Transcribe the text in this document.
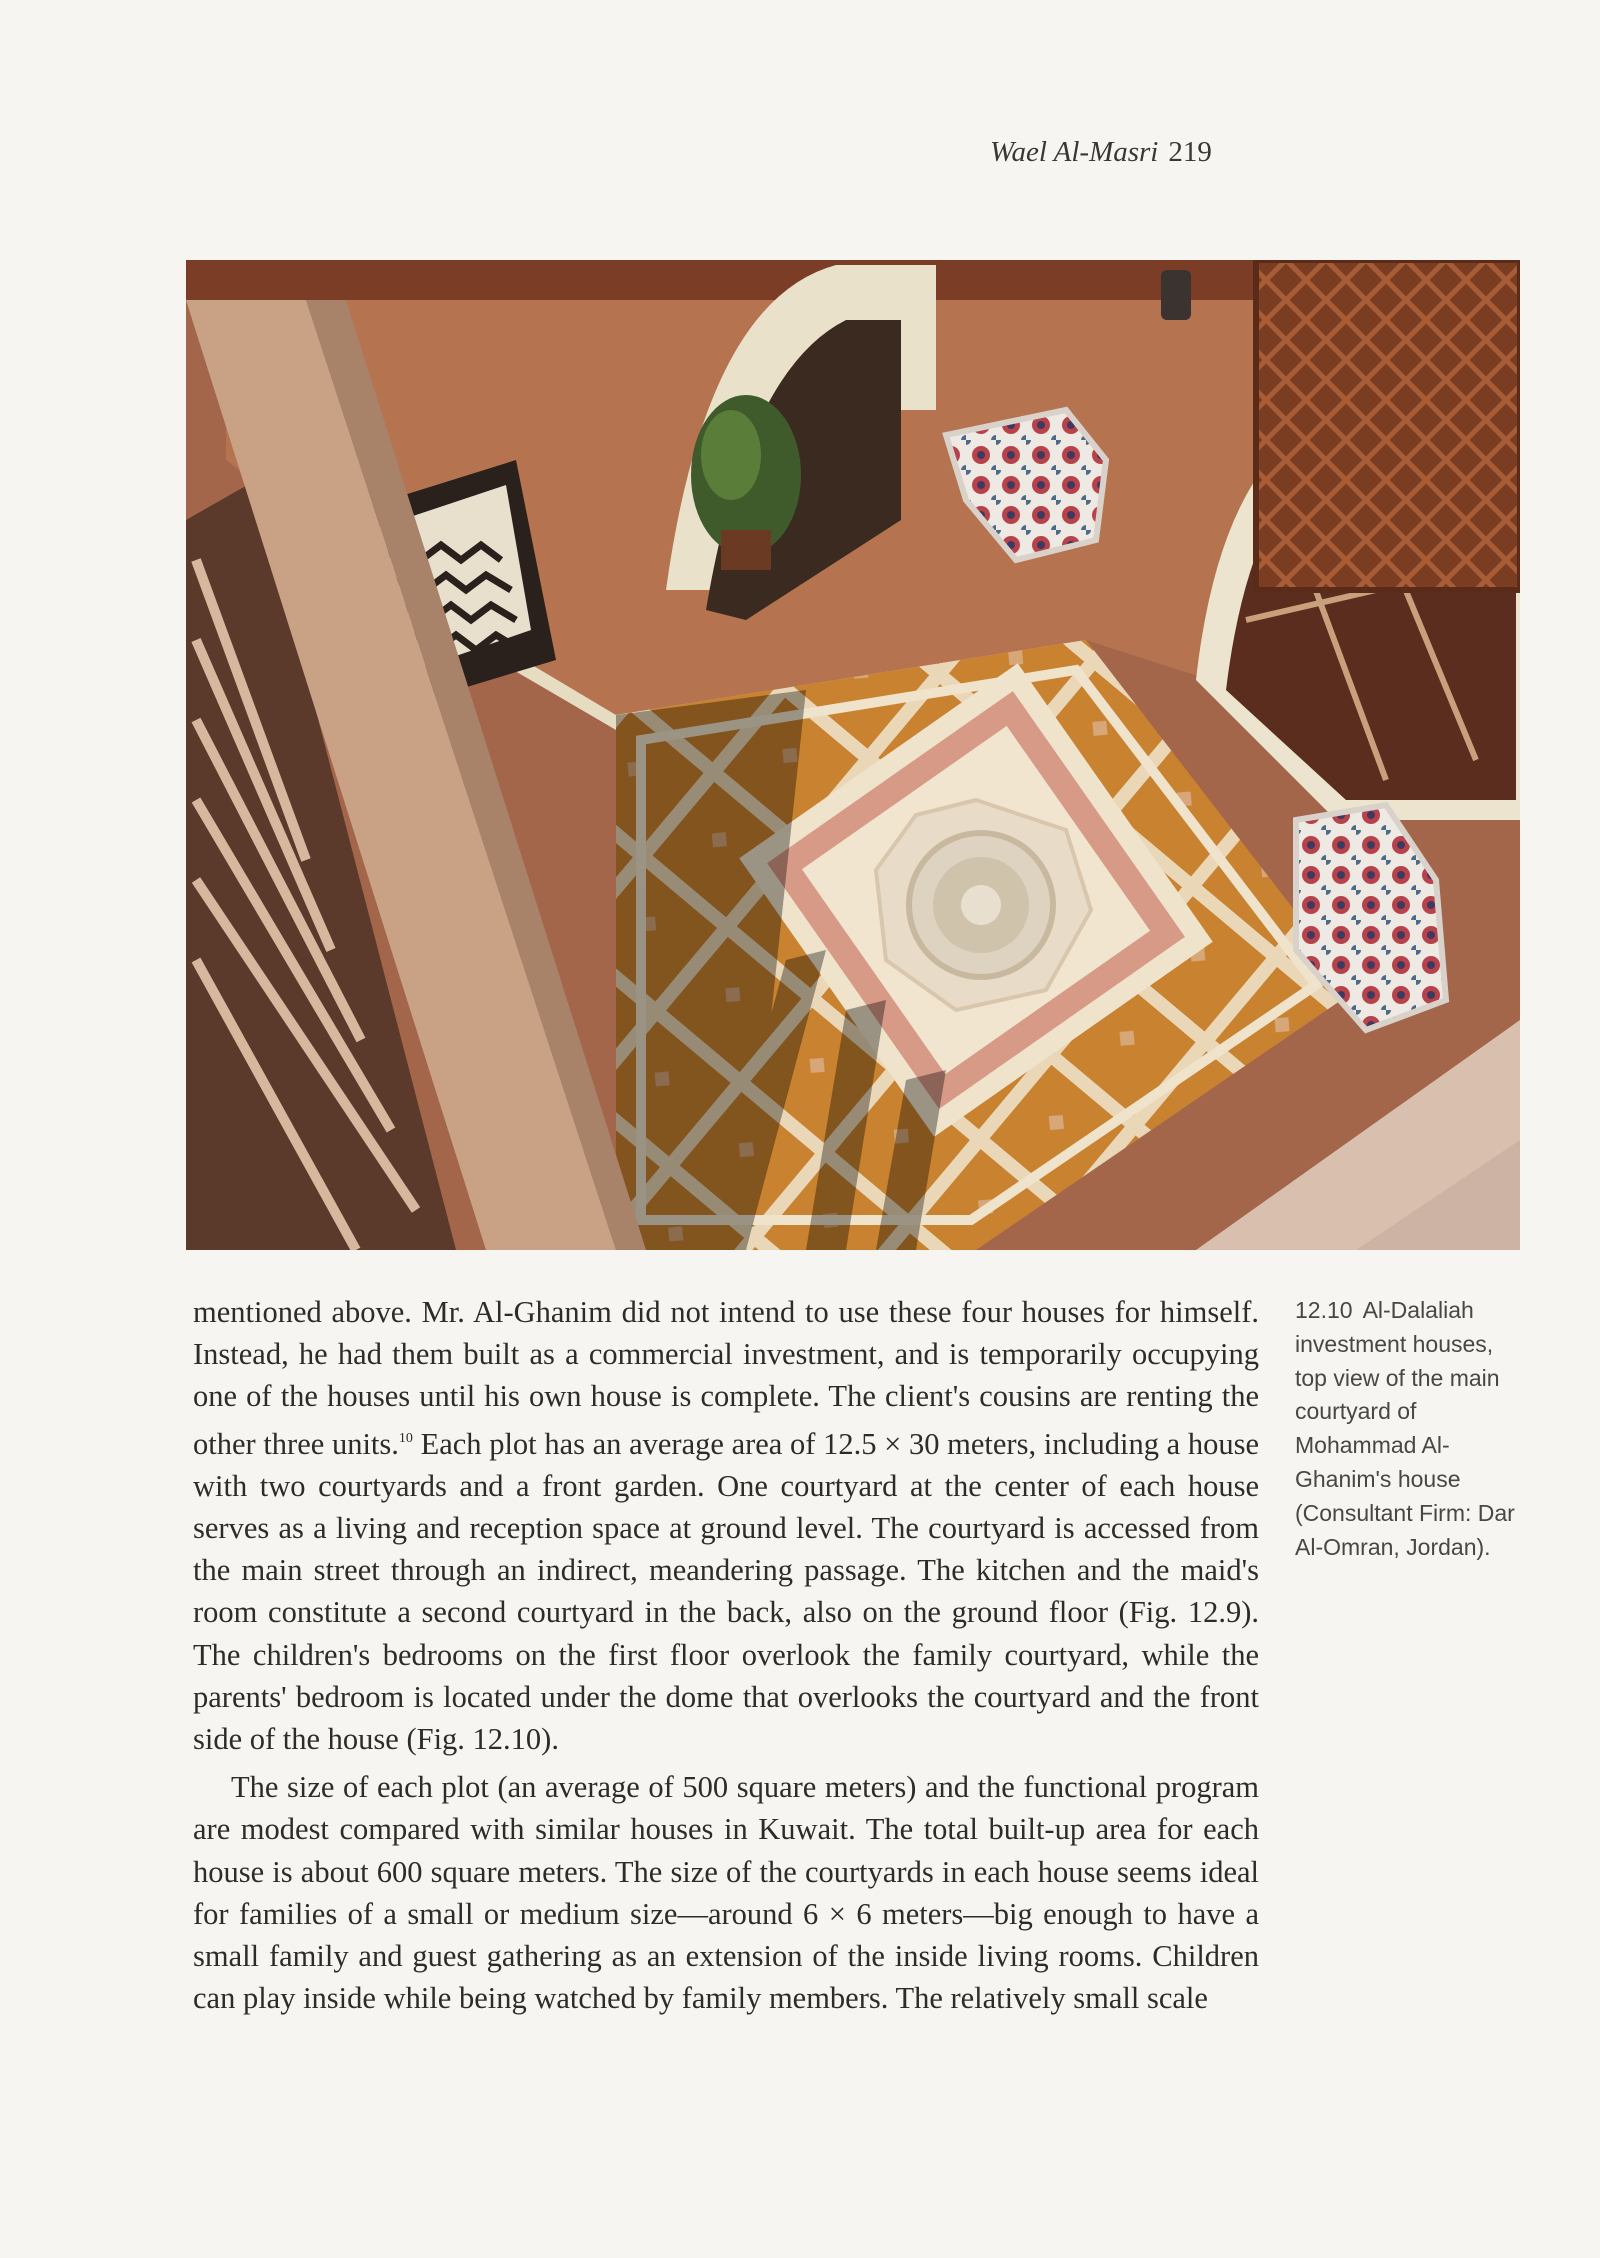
Wael Al-Masri 219

mentioned above. Mr. Al-Ghanim did not intend to use these four houses for himself. Instead, he had them built as a commercial investment, and is temporarily occupying one of the houses until his own house is complete. The client's cousins are renting the other three units.$^{10}$ Each plot has an average area of 12.5 × 30 meters, including a house with two courtyards and a front garden. One courtyard at the center of each house serves as a living and reception space at ground level. The courtyard is accessed from the main street through an indirect, meandering passage. The kitchen and the maid's room constitute a second courtyard in the back, also on the ground floor (Fig. 12.9). The children's bedrooms on the first floor overlook the family courtyard, while the parents' bedroom is located under the dome that overlooks the courtyard and the front side of the house (Fig. 12.10).

The size of each plot (an average of 500 square meters) and the functional program are modest compared with similar houses in Kuwait. The total built-up area for each house is about 600 square meters. The size of the courtyards in each house seems ideal for families of a small or medium size—around 6 × 6 meters—big enough to have a small family and guest gathering as an extension of the inside living rooms. Children can play inside while being watched by family members. The relatively small scale

12.10 Al-Dalaliah investment houses, top view of the main courtyard of Mohammad Al-Ghanim's house (Consultant Firm: Dar Al-Omran, Jordan).
